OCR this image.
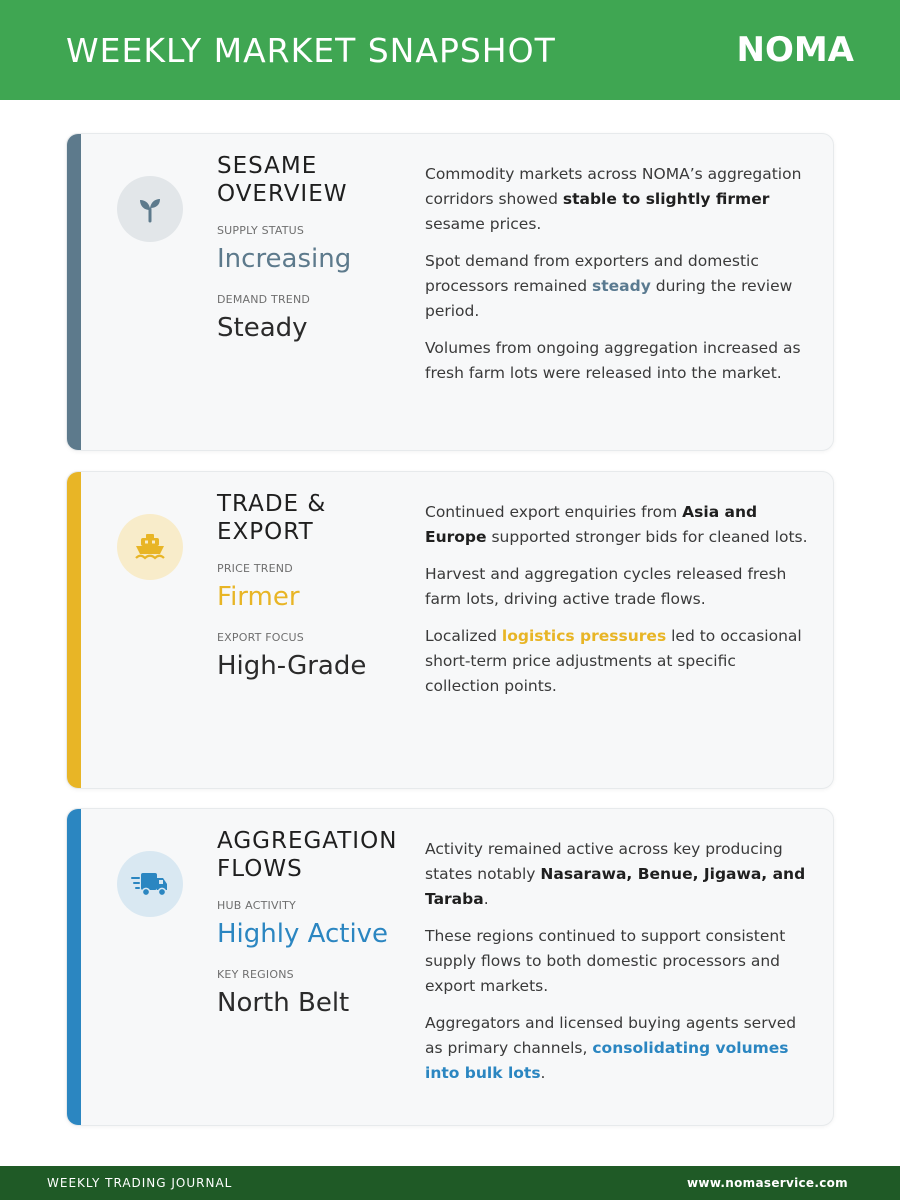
WEEKLY MARKET SNAPSHOT	NOMA
SESAME
OVERVIEW
SUPPLY STATUS
Increasing
DEMAND TREND
Steady

Commodity markets across NOMA’s aggregation corridors showed stable to slightly firmer sesame prices.

Spot demand from exporters and domestic processors remained steady during the review period.

Volumes from ongoing aggregation increased as fresh farm lots were released into the market.

TRADE &
EXPORT
PRICE TREND
Firmer
EXPORT FOCUS
High-Grade

Continued export enquiries from Asia and Europe supported stronger bids for cleaned lots.

Harvest and aggregation cycles released fresh farm lots, driving active trade flows.

Localized logistics pressures led to occasional short-term price adjustments at specific collection points.

AGGREGATION
FLOWS
HUB ACTIVITY
Highly Active
KEY REGIONS
North Belt

Activity remained active across key producing states notably Nasarawa, Benue, Jigawa, and Taraba.

These regions continued to support consistent supply flows to both domestic processors and export markets.

Aggregators and licensed buying agents served as primary channels, consolidating volumes into bulk lots.

WEEKLY TRADING JOURNAL	www.nomaservice.com
